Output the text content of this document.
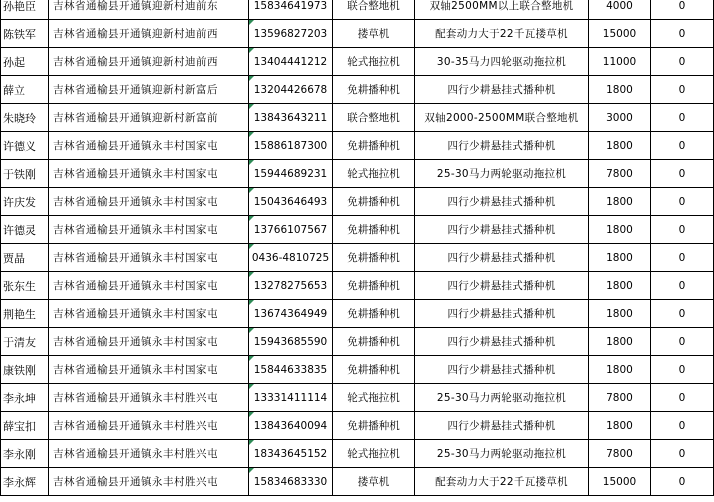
孙艳臣	吉林省通榆县开通镇迎新村迪前东	15834641973	联合整地机	双轴2500MM以上联合整地机	4000	0
陈铁军	吉林省通榆县开通镇迎新村迪前西	13596827203	搂草机	配套动力大于22千瓦搂草机	15000	0
孙起	吉林省通榆县开通镇迎新村迪前西	13404441212	轮式拖拉机	30-35马力四轮驱动拖拉机	11000	0
薛立	吉林省通榆县开通镇迎新村新富后	13204426678	免耕播种机	四行少耕悬挂式播种机	1800	0
朱晓玲	吉林省通榆县开通镇迎新村新富前	13843643211	联合整地机	双轴2000-2500MM联合整地机	3000	0
许德义	吉林省通榆县开通镇永丰村国家屯	15886187300	免耕播种机	四行少耕悬挂式播种机	1800	0
于铁刚	吉林省通榆县开通镇永丰村国家屯	15944689231	轮式拖拉机	25-30马力两轮驱动拖拉机	7800	0
许庆发	吉林省通榆县开通镇永丰村国家屯	15043646493	免耕播种机	四行少耕悬挂式播种机	1800	0
许德灵	吉林省通榆县开通镇永丰村国家屯	13766107567	免耕播种机	四行少耕悬挂式播种机	1800	0
贾晶	吉林省通榆县开通镇永丰村国家屯	0436-4810725	免耕播种机	四行少耕悬挂式播种机	1800	0
张东生	吉林省通榆县开通镇永丰村国家屯	13278275653	免耕播种机	四行少耕悬挂式播种机	1800	0
荆艳生	吉林省通榆县开通镇永丰村国家屯	13674364949	免耕播种机	四行少耕悬挂式播种机	1800	0
于清友	吉林省通榆县开通镇永丰村国家屯	15943685590	免耕播种机	四行少耕悬挂式播种机	1800	0
康铁刚	吉林省通榆县开通镇永丰村国家屯	15844633835	免耕播种机	四行少耕悬挂式播种机	1800	0
李永坤	吉林省通榆县开通镇永丰村胜兴屯	13331411114	轮式拖拉机	25-30马力两轮驱动拖拉机	7800	0
薛宝扣	吉林省通榆县开通镇永丰村胜兴屯	13843640094	免耕播种机	四行少耕悬挂式播种机	1800	0
李永刚	吉林省通榆县开通镇永丰村胜兴屯	18343645152	轮式拖拉机	25-30马力两轮驱动拖拉机	7800	0
李永辉	吉林省通榆县开通镇永丰村胜兴屯	15834683330	搂草机	配套动力大于22千瓦搂草机	15000	0
